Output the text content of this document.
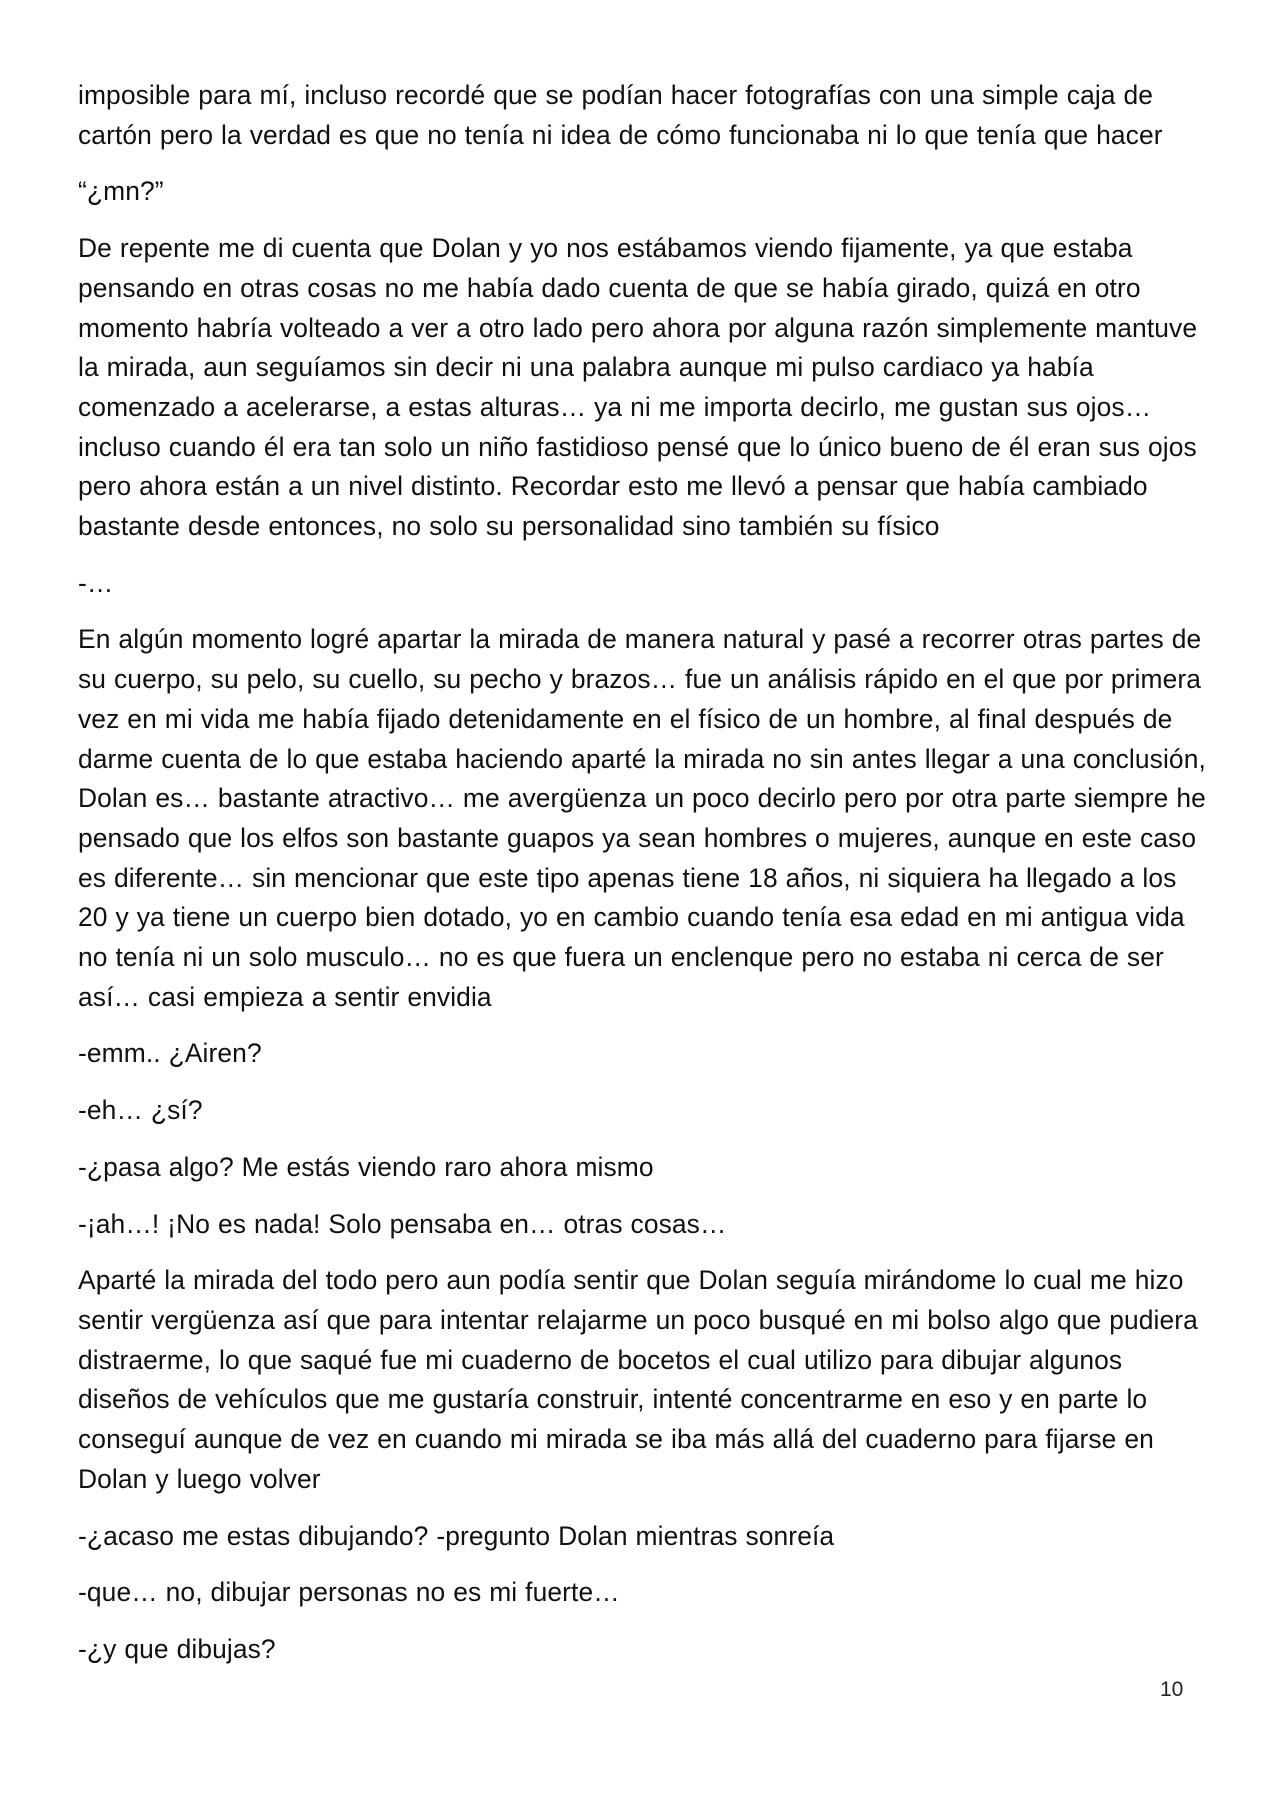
imposible para mí, incluso recordé que se podían hacer fotografías con una simple caja de cartón pero la verdad es que no tenía ni idea de cómo funcionaba ni lo que tenía que hacer

“¿mn?”

De repente me di cuenta que Dolan y yo nos estábamos viendo fijamente, ya que estaba pensando en otras cosas no me había dado cuenta de que se había girado, quizá en otro momento habría volteado a ver a otro lado pero ahora por alguna razón simplemente mantuve la mirada, aun seguíamos sin decir ni una palabra aunque mi pulso cardiaco ya había comenzado a acelerarse, a estas alturas… ya ni me importa decirlo, me gustan sus ojos… incluso cuando él era tan solo un niño fastidioso pensé que lo único bueno de él eran sus ojos pero ahora están a un nivel distinto. Recordar esto me llevó a pensar que había cambiado bastante desde entonces, no solo su personalidad sino también su físico

-…

En algún momento logré apartar la mirada de manera natural y pasé a recorrer otras partes de su cuerpo, su pelo, su cuello, su pecho y brazos… fue un análisis rápido en el que por primera vez en mi vida me había fijado detenidamente en el físico de un hombre, al final después de darme cuenta de lo que estaba haciendo aparté la mirada no sin antes llegar a una conclusión, Dolan es… bastante atractivo… me avergüenza un poco decirlo pero por otra parte siempre he pensado que los elfos son bastante guapos ya sean hombres o mujeres, aunque en este caso es diferente… sin mencionar que este tipo apenas tiene 18 años, ni siquiera ha llegado a los 20 y ya tiene un cuerpo bien dotado, yo en cambio cuando tenía esa edad en mi antigua vida no tenía ni un solo musculo… no es que fuera un enclenque pero no estaba ni cerca de ser así… casi empieza a sentir envidia

-emm.. ¿Airen?

-eh… ¿sí?

-¿pasa algo? Me estás viendo raro ahora mismo

-¡ah…! ¡No es nada! Solo pensaba en… otras cosas…

Aparté la mirada del todo pero aun podía sentir que Dolan seguía mirándome lo cual me hizo sentir vergüenza así que para intentar relajarme un poco busqué en mi bolso algo que pudiera distraerme, lo que saqué fue mi cuaderno de bocetos el cual utilizo para dibujar algunos diseños de vehículos que me gustaría construir, intenté concentrarme en eso y en parte lo conseguí aunque de vez en cuando mi mirada se iba más allá del cuaderno para fijarse en Dolan y luego volver

-¿acaso me estas dibujando? -pregunto Dolan mientras sonreía

-que… no, dibujar personas no es mi fuerte…

-¿y que dibujas?

10
